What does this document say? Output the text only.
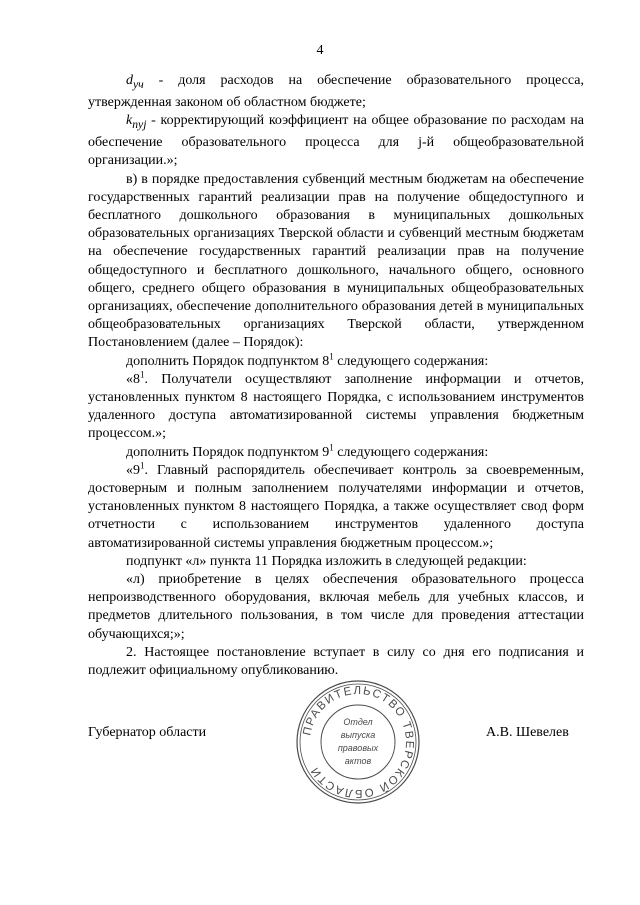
4

$d_{уч}$ - доля расходов на обеспечение образовательного процесса, утвержденная законом об областном бюджете;

$k_{nуj}$ - корректирующий коэффициент на общее образование по расходам на обеспечение образовательного процесса для j-й общеобразовательной организации.»;

в) в порядке предоставления субвенций местным бюджетам на обеспечение государственных гарантий реализации прав на получение общедоступного и бесплатного дошкольного образования в муниципальных дошкольных образовательных организациях Тверской области и субвенций местным бюджетам на обеспечение государственных гарантий реализации прав на получение общедоступного и бесплатного дошкольного, начального общего, основного общего, среднего общего образования в муниципальных общеобразовательных организациях, обеспечение дополнительного образования детей в муниципальных общеобразовательных организациях Тверской области, утвержденном Постановлением (далее – Порядок):

дополнить Порядок подпунктом $8^1$ следующего содержания:

«$8^1$. Получатели осуществляют заполнение информации и отчетов, установленных пунктом 8 настоящего Порядка, с использованием инструментов удаленного доступа автоматизированной системы управления бюджетным процессом.»;

дополнить Порядок подпунктом $9^1$ следующего содержания:

«$9^1$. Главный распорядитель обеспечивает контроль за своевременным, достоверным и полным заполнением получателями информации и отчетов, установленных пунктом 8 настоящего Порядка, а также осуществляет свод форм отчетности с использованием инструментов удаленного доступа автоматизированной системы управления бюджетным процессом.»;

подпункт «л» пункта 11 Порядка изложить в следующей редакции:

«л) приобретение в целях обеспечения образовательного процесса непроизводственного оборудования, включая мебель для учебных классов, и предметов длительного пользования, в том числе для проведения аттестации обучающихся;»;

2. Настоящее постановление вступает в силу со дня его подписания и подлежит официальному опубликованию.

Губернатор области	ПРАВИТЕЛЬСТВО ТВЕРСКОЙ ОБЛАСТИ
Отдел
выпуска
правовых
актов
А.В. Шевелев
